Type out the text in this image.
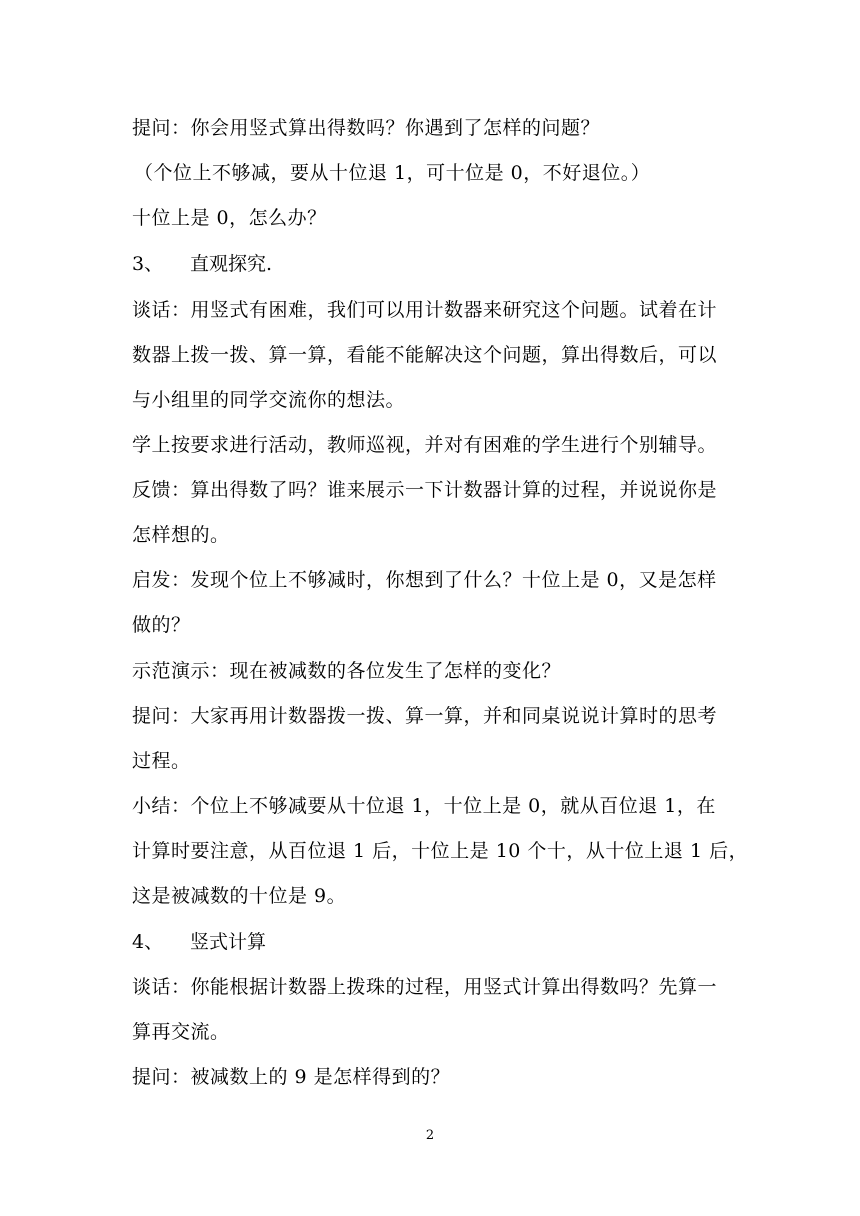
提问：你会用竖式算出得数吗？你遇到了怎样的问题？
（个位上不够减，要从十位退 1，可十位是 0，不好退位。）
十位上是 0，怎么办？
3、 直观探究.
谈话：用竖式有困难，我们可以用计数器来研究这个问题。试着在计
数器上拨一拨、算一算，看能不能解决这个问题，算出得数后，可以
与小组里的同学交流你的想法。
学上按要求进行活动，教师巡视，并对有困难的学生进行个别辅导。
反馈：算出得数了吗？谁来展示一下计数器计算的过程，并说说你是
怎样想的。
启发：发现个位上不够减时，你想到了什么？十位上是 0，又是怎样
做的？
示范演示：现在被减数的各位发生了怎样的变化？
提问：大家再用计数器拨一拨、算一算，并和同桌说说计算时的思考
过程。
小结：个位上不够减要从十位退 1，十位上是 0，就从百位退 1，在
计算时要注意，从百位退 1 后，十位上是 10 个十，从十位上退 1 后，
这是被减数的十位是 9。
4、 竖式计算
谈话：你能根据计数器上拨珠的过程，用竖式计算出得数吗？先算一
算再交流。
提问：被减数上的 9 是怎样得到的？
2
